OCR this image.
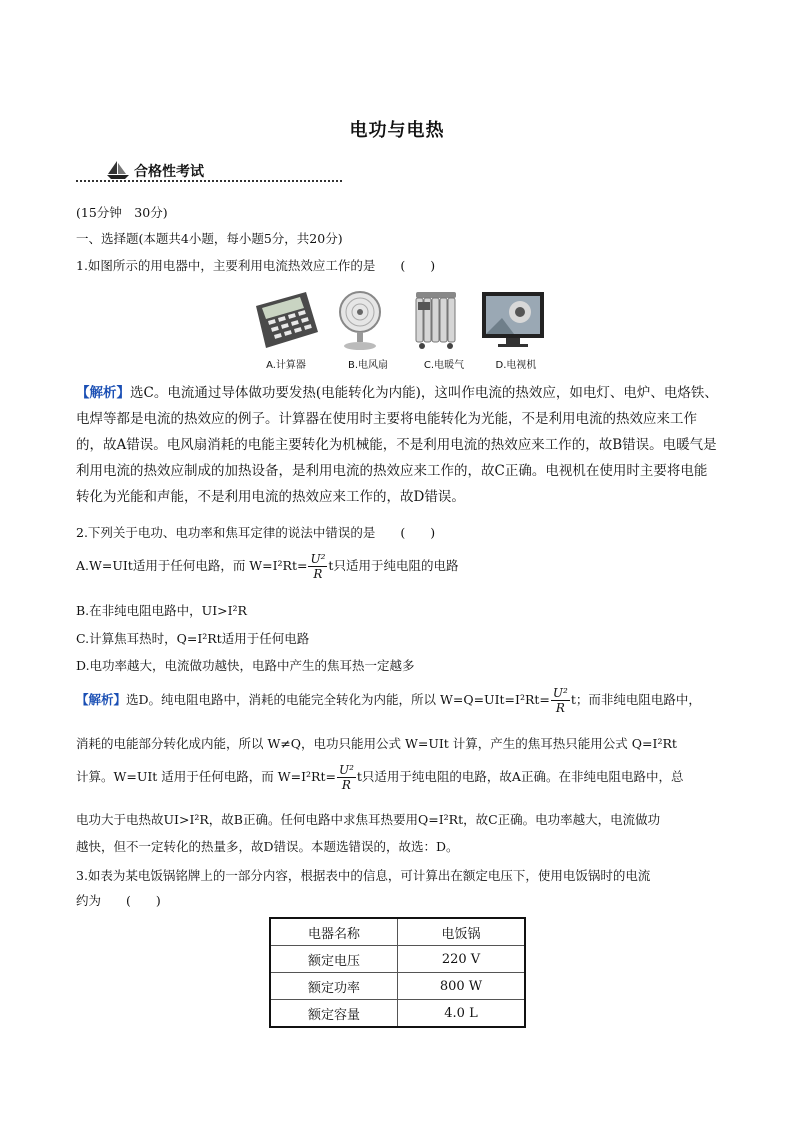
电功与电热
合格性考试
(15分钟　30分)
一、选择题(本题共4小题，每小题5分，共20分)
1.如图所示的用电器中，主要利用电流热效应工作的是　　(　　)
A.计算器	B.电风扇	C.电暖气	D.电视机
【解析】选C。电流通过导体做功要发热(电能转化为内能)，这叫作电流的热效应，如电灯、电炉、电烙铁、电焊等都是电流的热效应的例子。计算器在使用时主要将电能转化为光能，不是利用电流的热效应来工作的，故A错误。电风扇消耗的电能主要转化为机械能，不是利用电流的热效应来工作的，故B错误。电暖气是利用电流的热效应制成的加热设备，是利用电流的热效应来工作的，故C正确。电视机在使用时主要将电能转化为光能和声能，不是利用电流的热效应来工作的，故D错误。
2.下列关于电功、电功率和焦耳定律的说法中错误的是　　(　　)
A.W=UIt适用于任何电路，而 $W=I^2Rt= \frac{\text{U²}}{R}$ t只适用于纯电阻的电路
B.在非纯电阻电路中，UI>I²R
C.计算焦耳热时，Q=I²Rt适用于任何电路
D.电功率越大，电流做功越快，电路中产生的焦耳热一定越多
【解析】选D。纯电阻电路中，消耗的电能完全转化为内能，所以 $W=Q=UIt=I^2Rt= \frac{\text{U²}}{R}$ t；而非纯电阻电路中，
消耗的电能部分转化成内能，所以 W≠Q，电功只能用公式 W=UIt 计算，产生的焦耳热只能用公式 Q=I²Rt
计算。W=UIt 适用于任何电路，而 $W=I^2Rt= \frac{\text{U²}}{R}$ t只适用于纯电阻的电路，故A正确。在非纯电阻电路中，总
电功大于电热故UI>I²R，故B正确。任何电路中求焦耳热要用Q=I²Rt，故C正确。电功率越大，电流做功
越快，但不一定转化的热量多，故D错误。本题选错误的，故选：D。
3.如表为某电饭锅铭牌上的一部分内容，根据表中的信息，可计算出在额定电压下，使用电饭锅时的电流
约为　　(　　)
电器名称	电饭锅
额定电压	220 V
额定功率	800 W
额定容量	4.0 L
